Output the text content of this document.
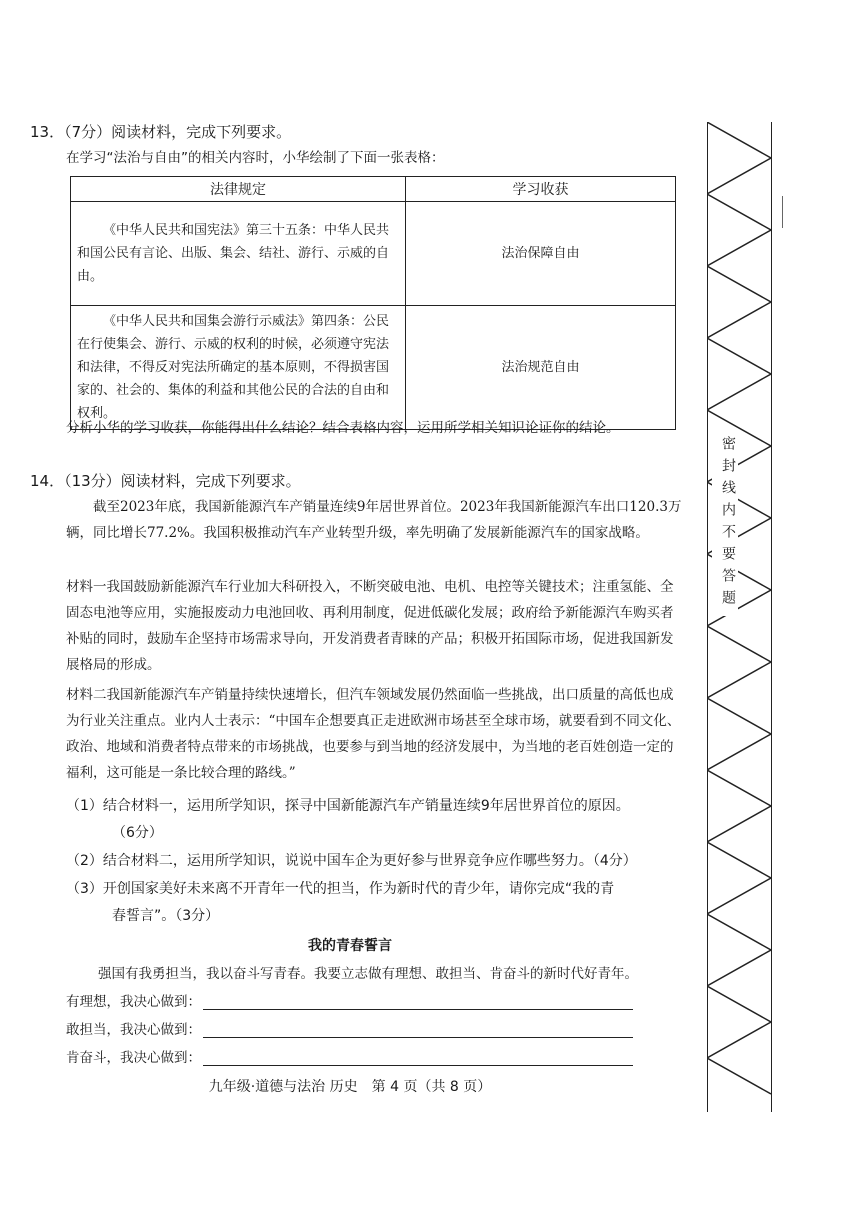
13．（7分）阅读材料，完成下列要求。
在学习“法治与自由”的相关内容时，小华绘制了下面一张表格：
法律规定	学习收获

《中华人民共和国宪法》第三十五条：中华人民共和国公民有言论、出版、集会、结社、游行、示威的自由。	法治保障自由

《中华人民共和国集会游行示威法》第四条：公民在行使集会、游行、示威的权利的时候，必须遵守宪法和法律，不得反对宪法所确定的基本原则，不得损害国家的、社会的、集体的利益和其他公民的合法的自由和权利。	法治规范自由
分析小华的学习收获，你能得出什么结论？结合表格内容，运用所学相关知识论证你的结论。
14．（13分）阅读材料，完成下列要求。
截至2023年底，我国新能源汽车产销量连续9年居世界首位。2023年我国新能源汽车出口120.3万辆，同比增长77.2%。我国积极推动汽车产业转型升级，率先明确了发展新能源汽车的国家战略。
材料一我国鼓励新能源汽车行业加大科研投入，不断突破电池、电机、电控等关键技术；注重氢能、全固态电池等应用，实施报废动力电池回收、再利用制度，促进低碳化发展；政府给予新能源汽车购买者补贴的同时，鼓励车企坚持市场需求导向，开发消费者青睐的产品；积极开拓国际市场，促进我国新发展格局的形成。
材料二我国新能源汽车产销量持续快速增长，但汽车领域发展仍然面临一些挑战，出口质量的高低也成为行业关注重点。业内人士表示：“中国车企想要真正走进欧洲市场甚至全球市场，就要看到不同文化、政治、地域和消费者特点带来的市场挑战，也要参与到当地的经济发展中，为当地的老百姓创造一定的福利，这可能是一条比较合理的路线。”
（1）结合材料一，运用所学知识，探寻中国新能源汽车产销量连续9年居世界首位的原因。
（6分）
（2）结合材料二，运用所学知识，说说中国车企为更好参与世界竞争应作哪些努力。（4分）
（3）开创国家美好未来离不开青年一代的担当，作为新时代的青少年，请你完成“我的青
春誓言”。（3分）
我的青春誓言
强国有我勇担当，我以奋斗写青春。我要立志做有理想、敢担当、肯奋斗的新时代好青年。
有理想，我决心做到：
敢担当，我决心做到：
肯奋斗，我决心做到：
九年级·道德与法治 历史　第 4 页（共 8 页）
密封线内不要答题
